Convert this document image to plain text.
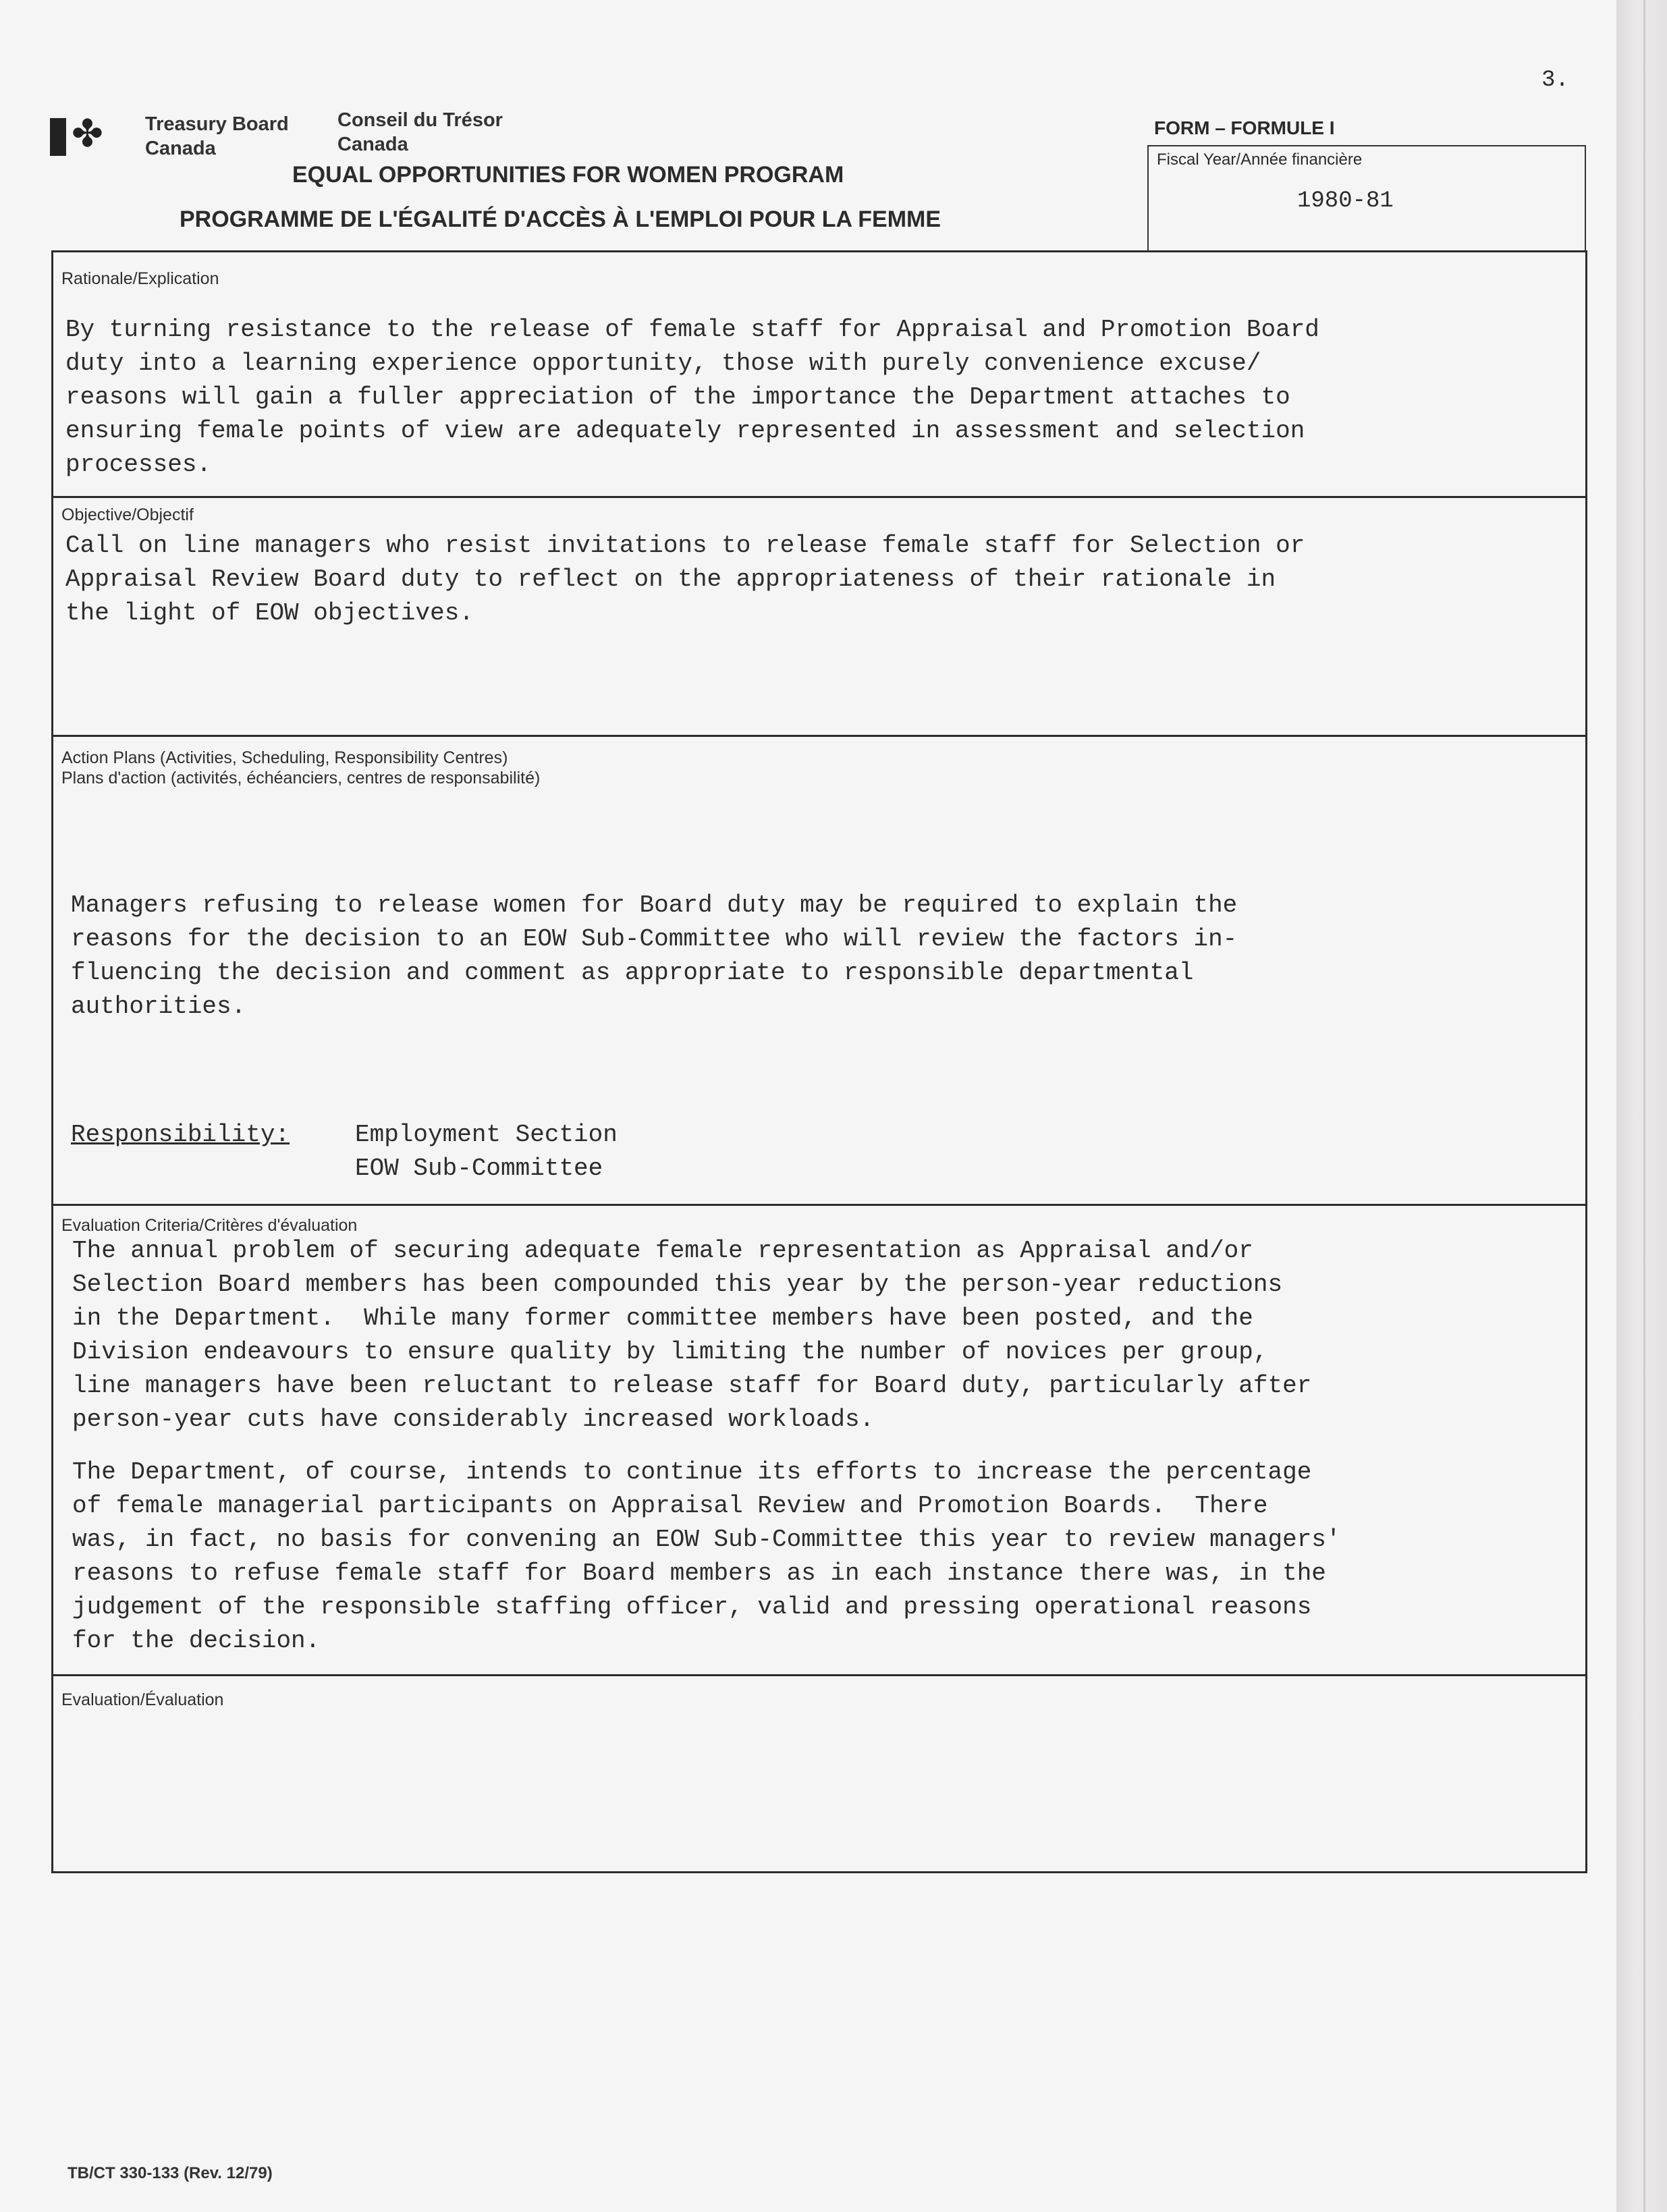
3.
✤ Treasury Board
Canada
Conseil du Trésor
Canada
EQUAL OPPORTUNITIES FOR WOMEN PROGRAM
PROGRAMME DE L'ÉGALITÉ D'ACCÈS À L'EMPLOI POUR LA FEMME
FORM – FORMULE I
Fiscal Year/Année financière
1980-81
Rationale/Explication
By turning resistance to the release of female staff for Appraisal and Promotion Board
duty into a learning experience opportunity, those with purely convenience excuse/
reasons will gain a fuller appreciation of the importance the Department attaches to
ensuring female points of view are adequately represented in assessment and selection
processes.
Objective/Objectif
Call on line managers who resist invitations to release female staff for Selection or
Appraisal Review Board duty to reflect on the appropriateness of their rationale in
the light of EOW objectives.
Action Plans (Activities, Scheduling, Responsibility Centres)
Plans d'action (activités, échéanciers, centres de responsabilité)
Managers refusing to release women for Board duty may be required to explain the
reasons for the decision to an EOW Sub-Committee who will review the factors in-
fluencing the decision and comment as appropriate to responsible departmental
authorities.
Responsibility:	Employment Section
EOW Sub-Committee
Evaluation Criteria/Critères d'évaluation
The annual problem of securing adequate female representation as Appraisal and/or
Selection Board members has been compounded this year by the person-year reductions
in the Department.  While many former committee members have been posted, and the
Division endeavours to ensure quality by limiting the number of novices per group,
line managers have been reluctant to release staff for Board duty, particularly after
person-year cuts have considerably increased workloads.
The Department, of course, intends to continue its efforts to increase the percentage
of female managerial participants on Appraisal Review and Promotion Boards.  There
was, in fact, no basis for convening an EOW Sub-Committee this year to review managers'
reasons to refuse female staff for Board members as in each instance there was, in the
judgement of the responsible staffing officer, valid and pressing operational reasons
for the decision.
Evaluation/Évaluation
TB/CT 330-133 (Rev. 12/79)
